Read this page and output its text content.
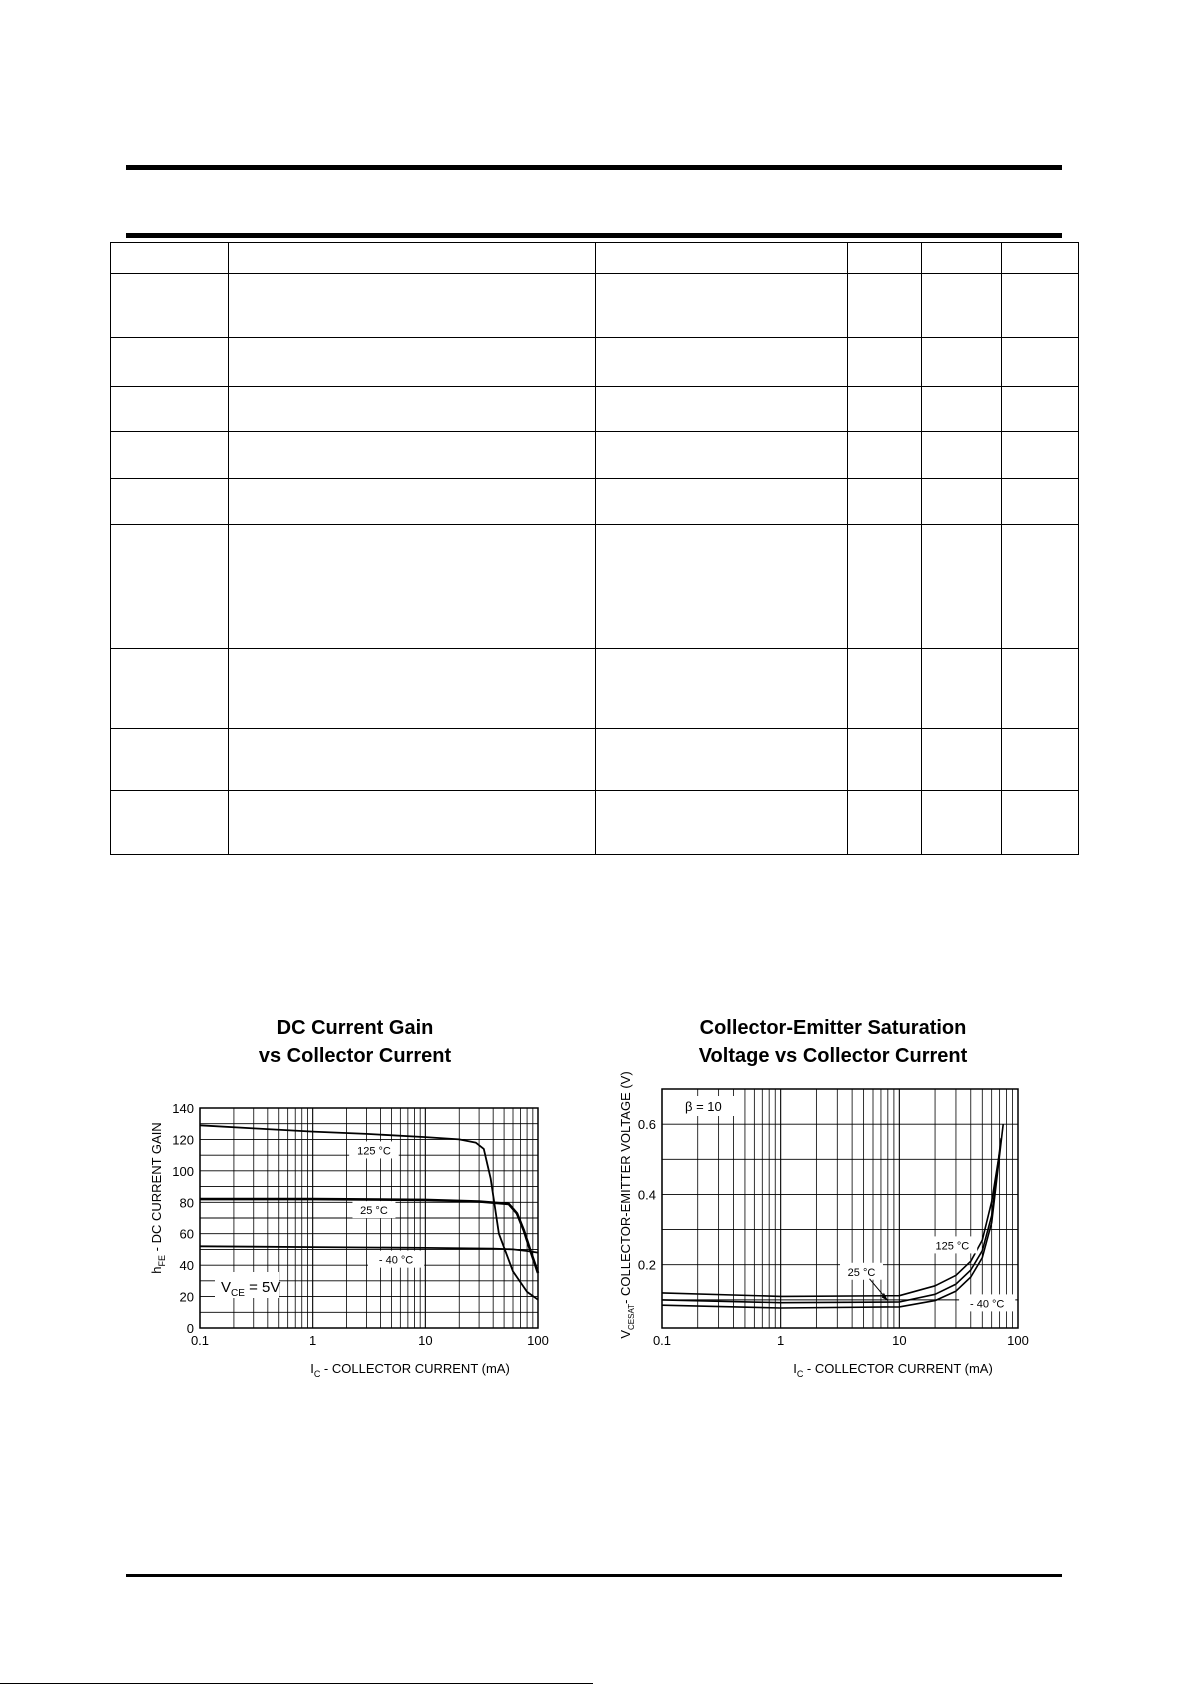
DC Current Gain
vs Collector Current
0.1	1	10	100
0
20
40
60
80
100
120
140
125 °C
25 °C
- 40 °C
$V_{CE} = 5V$
$I_C$ - COLLECTOR CURRENT (mA)
$h_{FE}$ - DC CURRENT GAIN
Collector-Emitter Saturation
Voltage vs Collector Current
0.1	1	10	100
0.2
0.4
0.6
125 °C
25 °C
- 40 °C
β = 10
$I_C$ - COLLECTOR CURRENT (mA)
$V_{CESAT}-$ COLLECTOR-EMITTER VOLTAGE (V)
